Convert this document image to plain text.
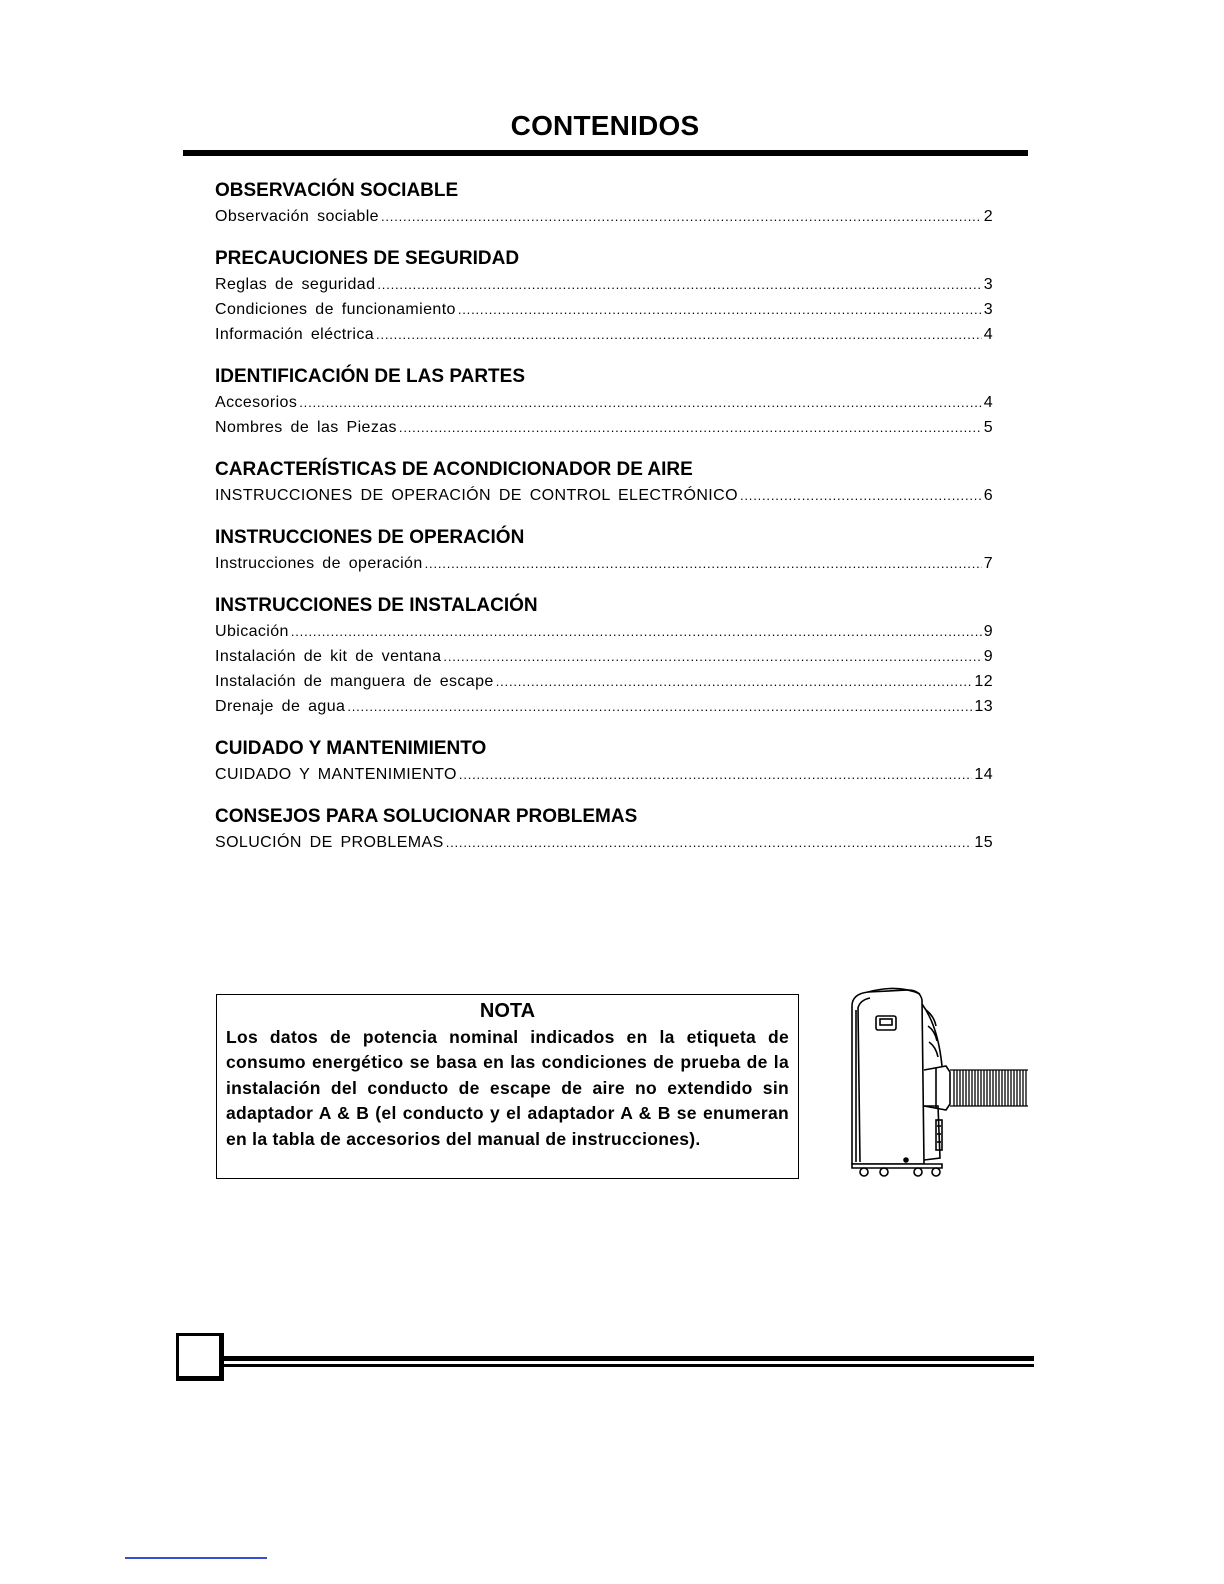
CONTENIDOS
OBSERVACIÓN SOCIABLE
Observación sociable .....	2
PRECAUCIONES DE SEGURIDAD
Reglas de seguridad .....	3
Condiciones de funcionamiento .....	3
Información eléctrica .....	4
IDENTIFICACIÓN DE LAS PARTES
Accesorios .....	4
Nombres de las Piezas .....	5
CARACTERÍSTICAS DE ACONDICIONADOR DE AIRE
INSTRUCCIONES DE OPERACIÓN DE CONTROL ELECTRÓNICO .....	6
INSTRUCCIONES DE OPERACIÓN
Instrucciones de operación .....	7
INSTRUCCIONES DE INSTALACIÓN
Ubicación .....	9
Instalación de kit de ventana .....	9
Instalación de manguera de escape .....	12
Drenaje de agua .....	13
CUIDADO Y MANTENIMIENTO
CUIDADO Y MANTENIMIENTO .....	14
CONSEJOS PARA SOLUCIONAR PROBLEMAS
SOLUCIÓN DE PROBLEMAS .....	15
NOTA
Los datos de potencia nominal indicados en la etiqueta de consumo energético se basa en las condiciones de prueba de la instalación del conducto de escape de aire no extendido sin adaptador A & B (el conducto y el adaptador A & B se enumeran en la tabla de accesorios del manual de instrucciones).
